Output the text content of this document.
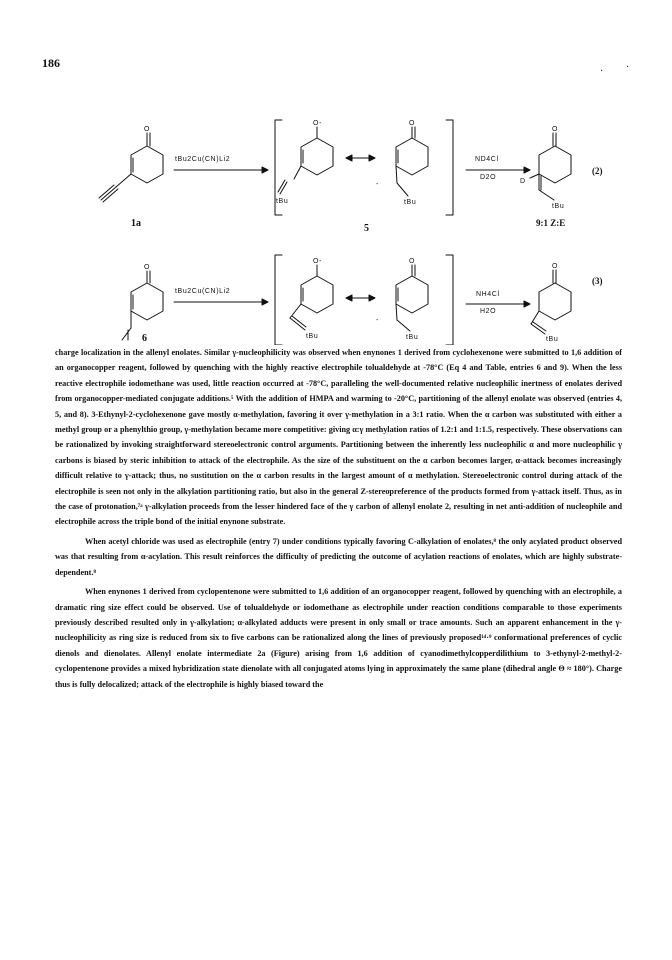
186
· ·
O
tBu2Cu(CN)Li2
1a
O-
tBu
O
-
tBu
5
ND4Cl
D2O
O
D
tBu
(2)
9:1 Z:E
O
tBu2Cu(CN)Li2
6
O-
tBu
O
-
tBu
NH4Cl
H2O
O
tBu
(3)

charge localization in the allenyl enolates. Similar γ-nucleophilicity was observed when enynones 1 derived from cyclohexenone were submitted to 1,6 addition of an organocopper reagent, followed by quenching with the highly reactive electrophile tolualdehyde at -78°C (Eq 4 and Table, entries 6 and 9). When the less reactive electrophile iodomethane was used, little reaction occurred at -78°C, paralleling the well-documented relative nucleophilic inertness of enolates derived from organocopper-mediated conjugate additions.⁵ With the addition of HMPA and warming to -20°C, partitioning of the allenyl enolate was observed (entries 4, 5, and 8). 3-Ethynyl-2-cyclohexenone gave mostly α-methylation, favoring it over γ-methylation in a 3:1 ratio. When the α carbon was substituted with either a methyl group or a phenylthio group, γ-methylation became more competitive: giving α:γ methylation ratios of 1.2:1 and 1:1.5, respectively. These observations can be rationalized by invoking straightforward stereoelectronic control arguments. Partitioning between the inherently less nucleophilic α and more nucleophilic γ carbons is biased by steric inhibition to attack of the electrophile. As the size of the substituent on the α carbon becomes larger, α-attack becomes increasingly difficult relative to γ-attack; thus, no sustitution on the α carbon results in the largest amount of α methylation. Stereoelectronic control during attack of the electrophile is seen not only in the alkylation partitioning ratio, but also in the general Z-stereopreference of the products formed from γ-attack itself. Thus, as in the case of protonation,⁷ᵃ γ-alkylation proceeds from the lesser hindered face of the γ carbon of allenyl enolate 2, resulting in net anti-addition of nucleophile and electrophile across the triple bond of the initial enynone substrate.

When acetyl chloride was used as electrophile (entry 7) under conditions typically favoring C-alkylation of enolates,⁸ the only acylated product observed was that resulting from α-acylation. This result reinforces the difficulty of predicting the outcome of acylation reactions of enolates, which are highly substrate-dependent.⁸

When enynones 1 derived from cyclopentenone were submitted to 1,6 addition of an organocopper reagent, followed by quenching with an electrophile, a dramatic ring size effect could be observed. Use of tolualdehyde or iodomethane as electrophile under reaction conditions comparable to those experiments previously described resulted only in γ-alkylation; α-alkylated adducts were present in only small or trace amounts. Such an apparent enhancement in the γ-nucleophilicity as ring size is reduced from six to five carbons can be rationalized along the lines of previously proposed¹ᵈ·⁹ conformational preferences of cyclic dienols and dienolates. Allenyl enolate intermediate 2a (Figure) arising from 1,6 addition of cyanodimethylcopperdilithium to 3-ethynyl-2-methyl-2-cyclopentenone provides a mixed hybridization state dienolate with all conjugated atoms lying in approximately the same plane (dihedral angle Θ ≈ 180°). Charge thus is fully delocalized; attack of the electrophile is highly biased toward the
